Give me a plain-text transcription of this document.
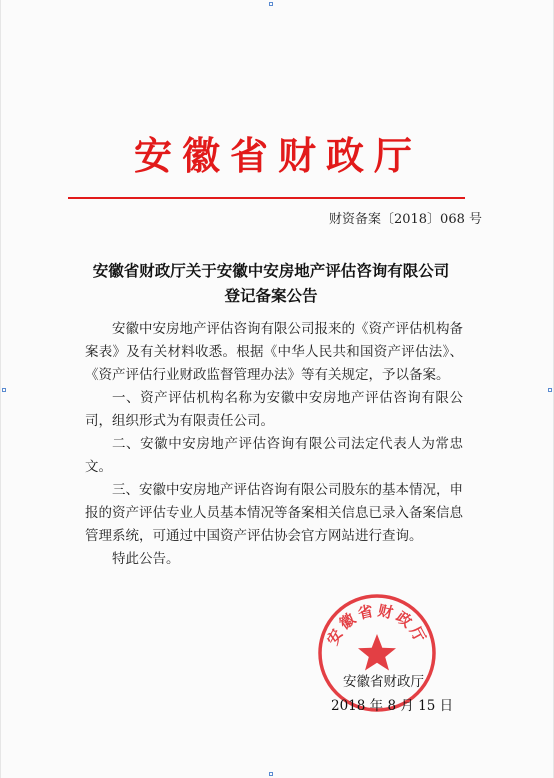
安徽省财政厅
财资备案〔2018〕068 号
安徽省财政厅关于安徽中安房地产评估咨询有限公司
登记备案公告

安徽中安房地产评估咨询有限公司报来的《资产评估机构备案表》及有关材料收悉。根据《中华人民共和国资产评估法》、《资产评估行业财政监督管理办法》等有关规定，予以备案。

一、资产评估机构名称为安徽中安房地产评估咨询有限公司，组织形式为有限责任公司。

二、安徽中安房地产评估咨询有限公司法定代表人为常忠文。

三、安徽中安房地产评估咨询有限公司股东的基本情况，申报的资产评估专业人员基本情况等备案相关信息已录入备案信息管理系统，可通过中国资产评估协会官方网站进行查询。

特此公告。

安徽省财政厅
安徽省财政厅
2018 年 8 月 15 日
